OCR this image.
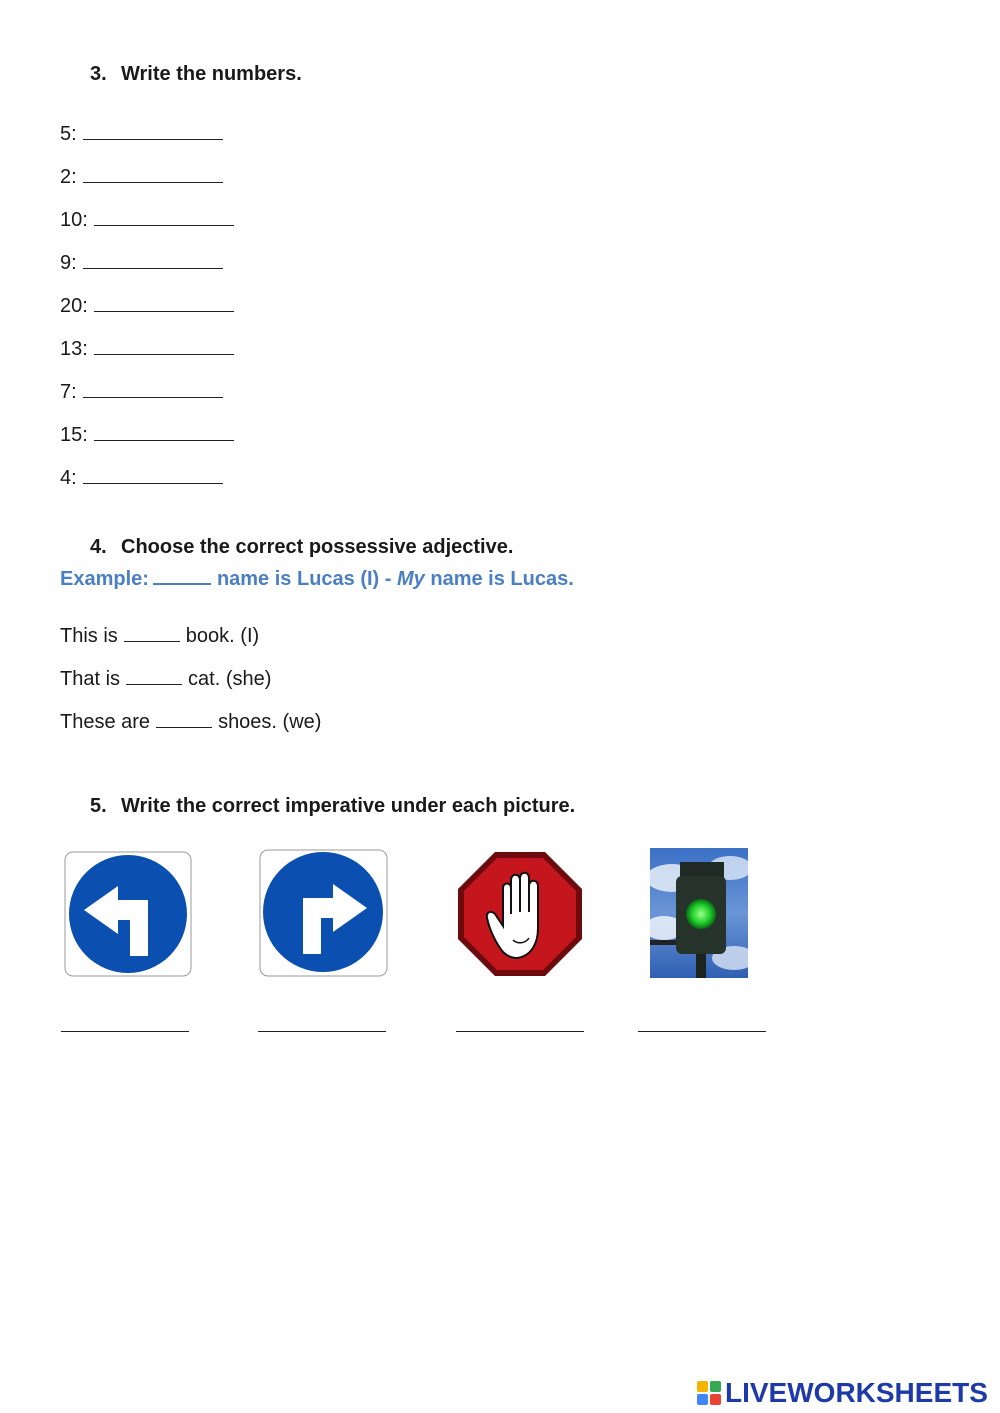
3. Write the numbers.
5:
2:
10:
9:
20:
13:
7:
15:
4:
4. Choose the correct possessive adjective.
Example:	name is Lucas (I) - My name is Lucas.
This is	book. (I)
That is	cat. (she)
These are	shoes. (we)
5. Write the correct imperative under each picture.
LIVEWORKSHEETS
